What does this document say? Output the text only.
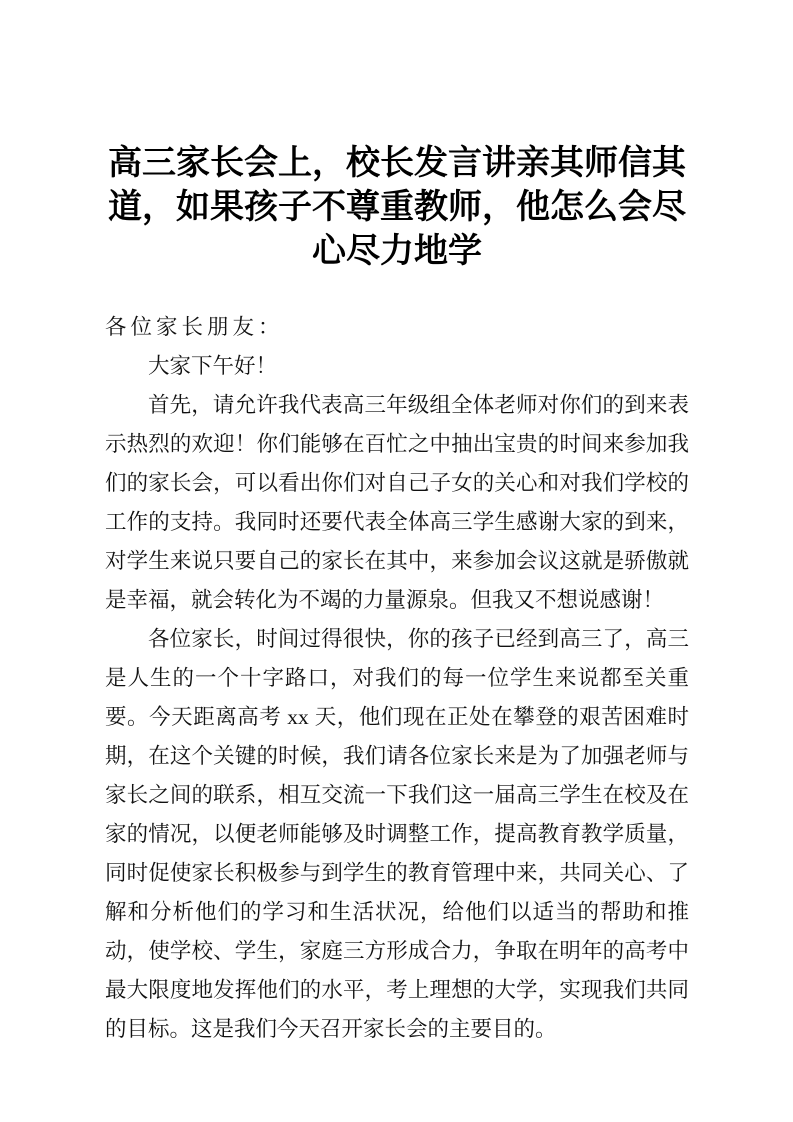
高三家长会上，校长发言讲亲其师信其道，如果孩子不尊重教师，他怎么会尽心尽力地学

各位家长朋友：

大家下午好！

首先，请允许我代表高三年级组全体老师对你们的到来表示热烈的欢迎！你们能够在百忙之中抽出宝贵的时间来参加我们的家长会，可以看出你们对自己子女的关心和对我们学校的工作的支持。我同时还要代表全体高三学生感谢大家的到来，对学生来说只要自己的家长在其中，来参加会议这就是骄傲就是幸福，就会转化为不竭的力量源泉。但我又不想说感谢！

各位家长，时间过得很快，你的孩子已经到高三了，高三是人生的一个十字路口，对我们的每一位学生来说都至关重要。今天距离高考 xx 天，他们现在正处在攀登的艰苦困难时期，在这个关键的时候，我们请各位家长来是为了加强老师与家长之间的联系，相互交流一下我们这一届高三学生在校及在家的情况，以便老师能够及时调整工作，提高教育教学质量，同时促使家长积极参与到学生的教育管理中来，共同关心、了解和分析他们的学习和生活状况，给他们以适当的帮助和推动，使学校、学生，家庭三方形成合力，争取在明年的高考中最大限度地发挥他们的水平，考上理想的大学，实现我们共同的目标。这是我们今天召开家长会的主要目的。
